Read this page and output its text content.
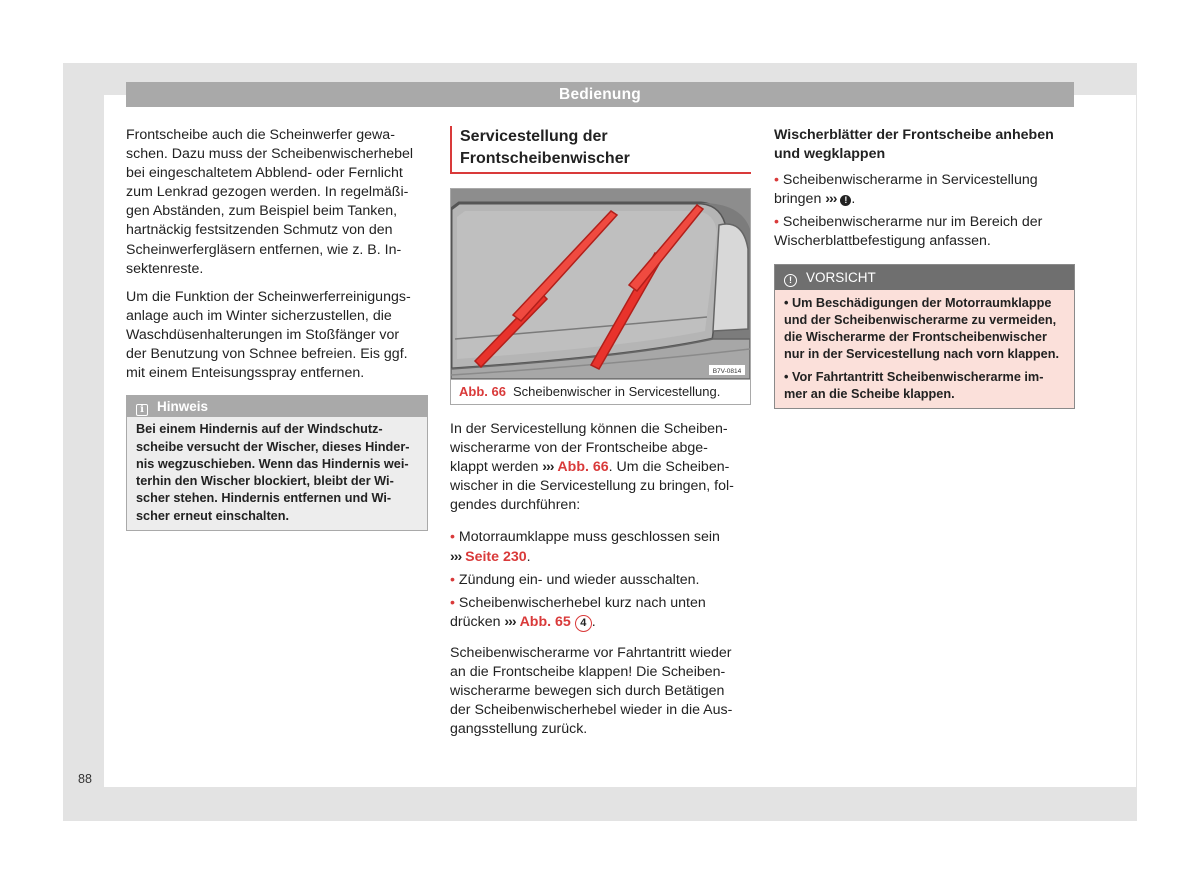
Bedienung

Frontscheibe auch die Scheinwerfer gewa-
schen. Dazu muss der Scheibenwischerhebel
bei eingeschaltetem Abblend- oder Fernlicht
zum Lenkrad gezogen werden. In regelmäßi-
gen Abständen, zum Beispiel beim Tanken,
hartnäckig festsitzenden Schmutz von den
Scheinwerfergläsern entfernen, wie z. B. In-
sektenreste.

Um die Funktion der Scheinwerferreinigungs-
anlage auch im Winter sicherzustellen, die
Waschdüsenhalterungen im Stoßfänger vor
der Benutzung von Schnee befreien. Eis ggf.
mit einem Enteisungsspray entfernen.

i Hinweis
Bei einem Hindernis auf der Windschutz-
scheibe versucht der Wischer, dieses Hinder-
nis wegzuschieben. Wenn das Hindernis wei-
terhin den Wischer blockiert, bleibt der Wi-
scher stehen. Hindernis entfernen und Wi-
scher erneut einschalten.
Servicestellung der
Frontscheibenwischer
B7V-0814
Abb. 66 Scheibenwischer in Servicestellung.

In der Servicestellung können die Scheiben-
wischerarme von der Frontscheibe abge-
klappt werden ››› Abb. 66. Um die Scheiben-
wischer in die Servicestellung zu bringen, fol-
gendes durchführen:

• Motorraumklappe muss geschlossen sein
››› Seite 230.

• Zündung ein- und wieder ausschalten.

• Scheibenwischerhebel kurz nach unten
drücken ››› Abb. 65 4 .

Scheibenwischerarme vor Fahrtantritt wieder
an die Frontscheibe klappen! Die Scheiben-
wischerarme bewegen sich durch Betätigen
der Scheibenwischerhebel wieder in die Aus-
gangsstellung zurück.

Wischerblätter der Frontscheibe anheben
und wegklappen

• Scheibenwischerarme in Servicestellung
bringen ››› ! .

• Scheibenwischerarme nur im Bereich der
Wischerblattbefestigung anfassen.

! VORSICHT

• Um Beschädigungen der Motorraumklappe
und der Scheibenwischerarme zu vermeiden,
die Wischerarme der Frontscheibenwischer
nur in der Servicestellung nach vorn klappen.

• Vor Fahrtantritt Scheibenwischerarme im-
mer an die Scheibe klappen.

88
